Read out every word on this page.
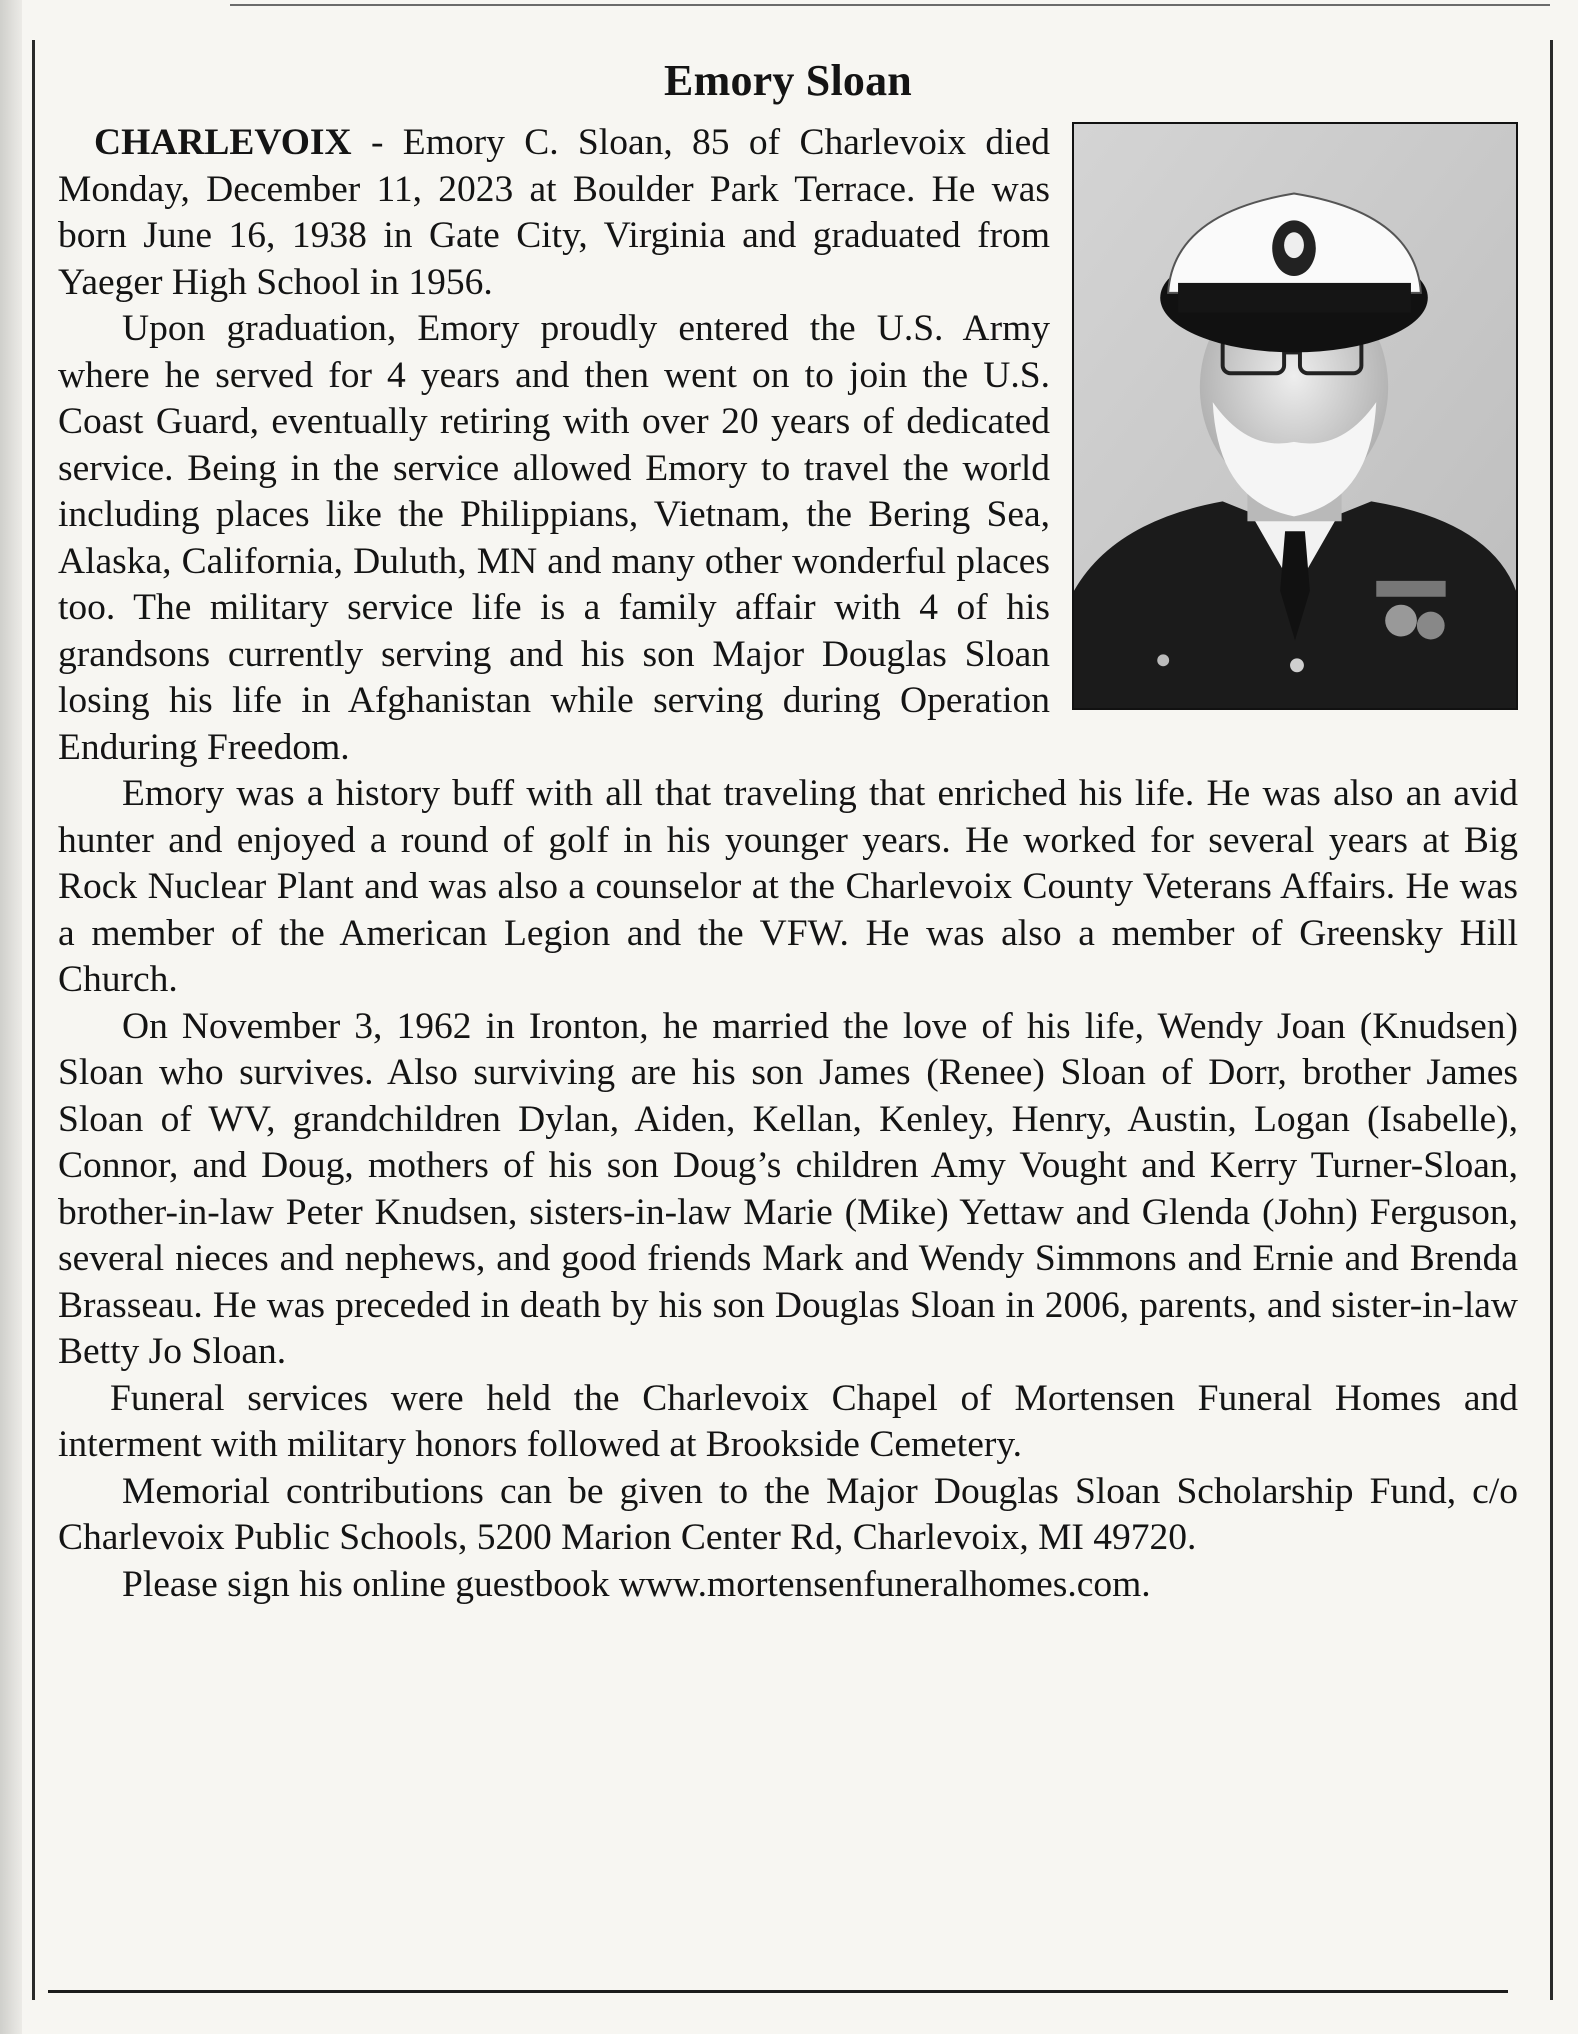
Emory Sloan

CHARLEVOIX - Emory C. Sloan, 85 of Charlevoix died Monday, December 11, 2023 at Boulder Park Terrace. He was born June 16, 1938 in Gate City, Virginia and graduated from Yaeger High School in 1956.

Upon graduation, Emory proudly entered the U.S. Army where he served for 4 years and then went on to join the U.S. Coast Guard, eventually retiring with over 20 years of dedicated service. Being in the service allowed Emory to travel the world including places like the Philippians, Vietnam, the Bering Sea, Alaska, California, Duluth, MN and many other wonderful places too. The military service life is a family affair with 4 of his grandsons currently serving and his son Major Douglas Sloan losing his life in Afghanistan while serving during Operation Enduring Freedom.

Emory was a history buff with all that traveling that enriched his life. He was also an avid hunter and enjoyed a round of golf in his younger years. He worked for several years at Big Rock Nuclear Plant and was also a counselor at the Charlevoix County Veterans Affairs. He was a member of the American Legion and the VFW. He was also a member of Greensky Hill Church.

On November 3, 1962 in Ironton, he married the love of his life, Wendy Joan (Knudsen) Sloan who survives. Also surviving are his son James (Renee) Sloan of Dorr, brother James Sloan of WV, grandchildren Dylan, Aiden, Kellan, Kenley, Henry, Austin, Logan (Isabelle), Connor, and Doug, mothers of his son Doug’s children Amy Vought and Kerry Turner-Sloan, brother-in-law Peter Knudsen, sisters-in-law Marie (Mike) Yettaw and Glenda (John) Ferguson, several nieces and nephews, and good friends Mark and Wendy Simmons and Ernie and Brenda Brasseau. He was preceded in death by his son Douglas Sloan in 2006, parents, and sister-in-law Betty Jo Sloan.

Funeral services were held the Charlevoix Chapel of Mortensen Funeral Homes and interment with military honors followed at Brookside Cemetery.

Memorial contributions can be given to the Major Douglas Sloan Scholarship Fund, c/o Charlevoix Public Schools, 5200 Marion Center Rd, Charlevoix, MI 49720.

Please sign his online guestbook www.mortensenfuneralhomes.com.
